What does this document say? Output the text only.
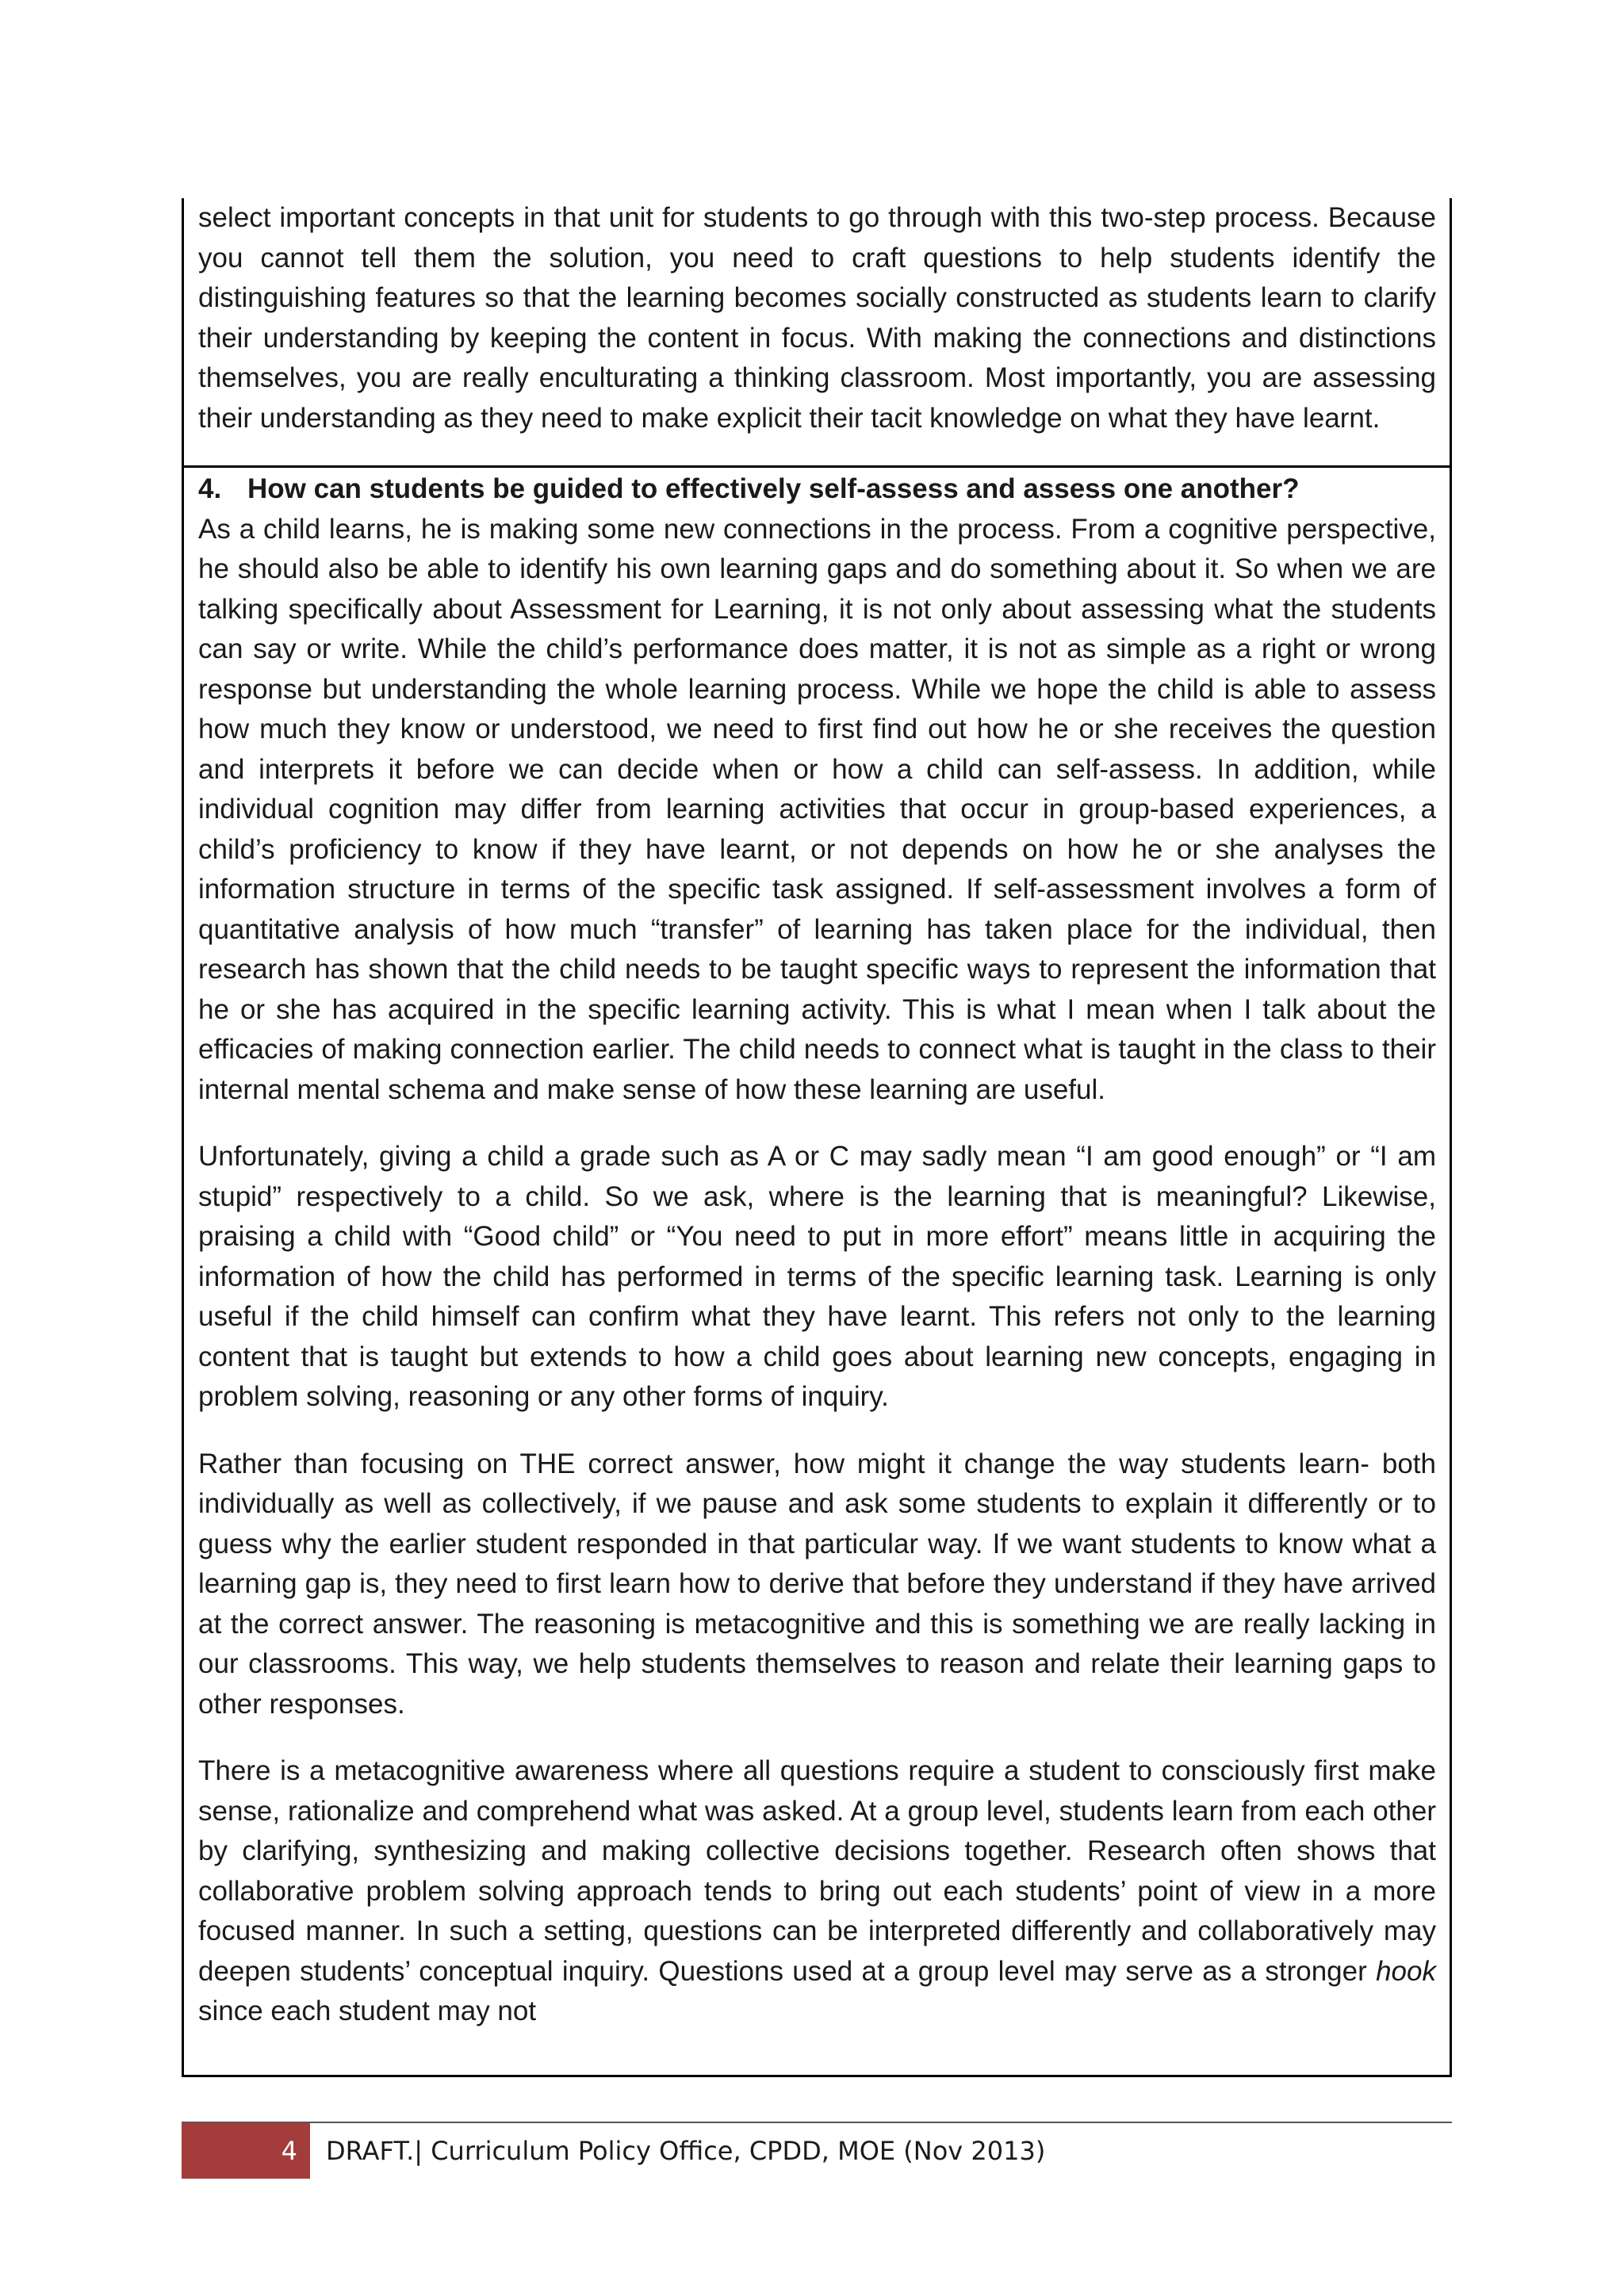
select important concepts in that unit for students to go through with this two-step process. Because you cannot tell them the solution, you need to craft questions to help students identify the distinguishing features so that the learning becomes socially constructed as students learn to clarify their understanding by keeping the content in focus. With making the connections and distinctions themselves, you are really enculturating a thinking classroom. Most importantly, you are assessing their understanding as they need to make explicit their tacit knowledge on what they have learnt.

4. How can students be guided to effectively self-assess and assess one another?

As a child learns, he is making some new connections in the process. From a cognitive perspective, he should also be able to identify his own learning gaps and do something about it. So when we are talking specifically about Assessment for Learning, it is not only about assessing what the students can say or write. While the child’s performance does matter, it is not as simple as a right or wrong response but understanding the whole learning process. While we hope the child is able to assess how much they know or understood, we need to first find out how he or she receives the question and interprets it before we can decide when or how a child can self-assess. In addition, while individual cognition may differ from learning activities that occur in group-based experiences, a child’s proficiency to know if they have learnt, or not depends on how he or she analyses the information structure in terms of the specific task assigned. If self-assessment involves a form of quantitative analysis of how much “transfer” of learning has taken place for the individual, then research has shown that the child needs to be taught specific ways to represent the information that he or she has acquired in the specific learning activity. This is what I mean when I talk about the efficacies of making connection earlier. The child needs to connect what is taught in the class to their internal mental schema and make sense of how these learning are useful.

Unfortunately, giving a child a grade such as A or C may sadly mean “I am good enough” or “I am stupid” respectively to a child. So we ask, where is the learning that is meaningful? Likewise, praising a child with “Good child” or “You need to put in more effort” means little in acquiring the information of how the child has performed in terms of the specific learning task. Learning is only useful if the child himself can confirm what they have learnt. This refers not only to the learning content that is taught but extends to how a child goes about learning new concepts, engaging in problem solving, reasoning or any other forms of inquiry.

Rather than focusing on THE correct answer, how might it change the way students learn- both individually as well as collectively, if we pause and ask some students to explain it differently or to guess why the earlier student responded in that particular way. If we want students to know what a learning gap is, they need to first learn how to derive that before they understand if they have arrived at the correct answer. The reasoning is metacognitive and this is something we are really lacking in our classrooms. This way, we help students themselves to reason and relate their learning gaps to other responses.

There is a metacognitive awareness where all questions require a student to consciously first make sense, rationalize and comprehend what was asked. At a group level, students learn from each other by clarifying, synthesizing and making collective decisions together. Research often shows that collaborative problem solving approach tends to bring out each students’ point of view in a more focused manner. In such a setting, questions can be interpreted differently and collaboratively may deepen students’ conceptual inquiry. Questions used at a group level may serve as a stronger hook since each student may not

4	DRAFT.| Curriculum Policy Office, CPDD, MOE (Nov 2013)
